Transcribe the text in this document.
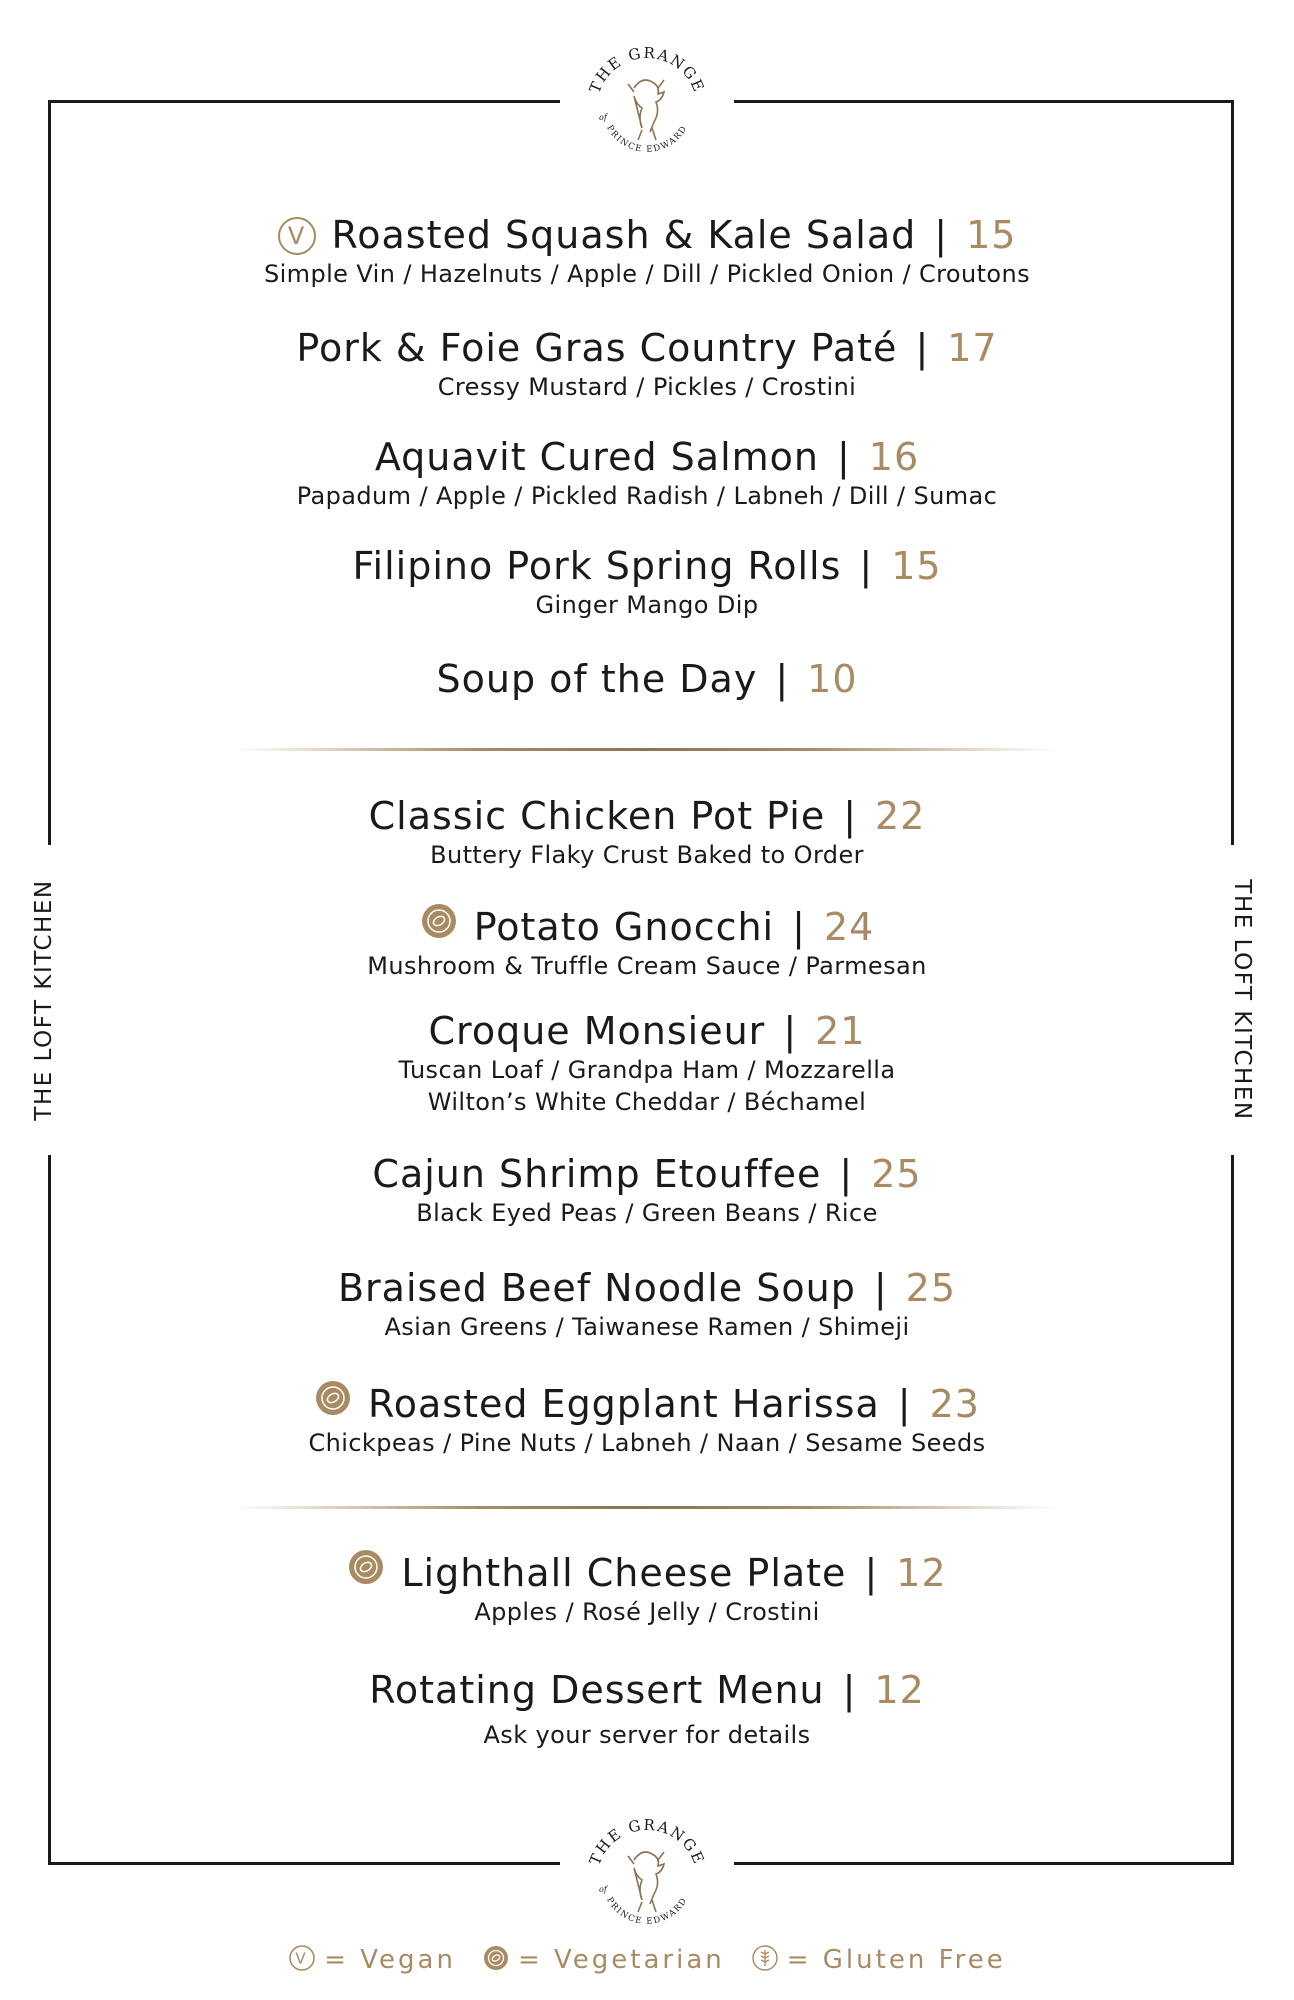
THE LOFT KITCHEN	THE LOFT KITCHEN
THE GRANGE
PRINCE EDWARD
of
THE GRANGE
PRINCE EDWARD
of
V Roasted Squash & Kale Salad | 15
Simple Vin / Hazelnuts / Apple / Dill / Pickled Onion / Croutons
Pork & Foie Gras Country Paté | 17
Cressy Mustard / Pickles / Crostini
Aquavit Cured Salmon | 16
Papadum / Apple / Pickled Radish / Labneh / Dill / Sumac
Filipino Pork Spring Rolls | 15
Ginger Mango Dip
Soup of the Day | 10
Classic Chicken Pot Pie | 22
Buttery Flaky Crust Baked to Order
Potato Gnocchi | 24
Mushroom & Truffle Cream Sauce / Parmesan
Croque Monsieur | 21
Tuscan Loaf / Grandpa Ham / Mozzarella
Wilton’s White Cheddar / Béchamel
Cajun Shrimp Etouffee | 25
Black Eyed Peas / Green Beans / Rice
Braised Beef Noodle Soup | 25
Asian Greens / Taiwanese Ramen / Shimeji
Roasted Eggplant Harissa | 23
Chickpeas / Pine Nuts / Labneh / Naan / Sesame Seeds
Lighthall Cheese Plate | 12
Apples / Rosé Jelly / Crostini
Rotating Dessert Menu | 12
Ask your server for details
V = Vegan = Vegetarian = Gluten Free
